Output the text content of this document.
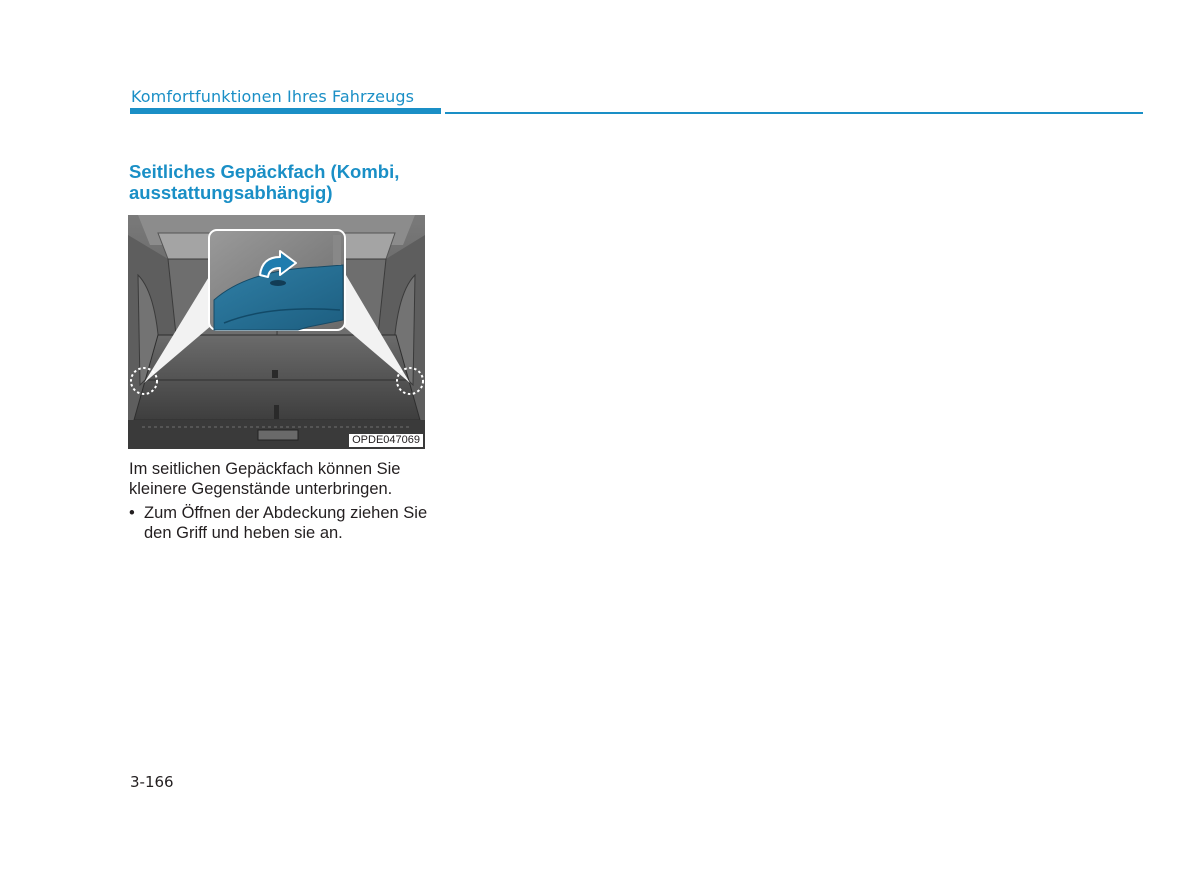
Komfortfunktionen Ihres Fahrzeugs
Seitliches Gepäckfach (Kombi, ausstattungsabhängig)
OPDE047069

Im seitlichen Gepäckfach können Sie kleinere Gegenstände unterbringen.

• Zum Öffnen der Abdeckung ziehen Sie den Griff und heben sie an.
3-166
